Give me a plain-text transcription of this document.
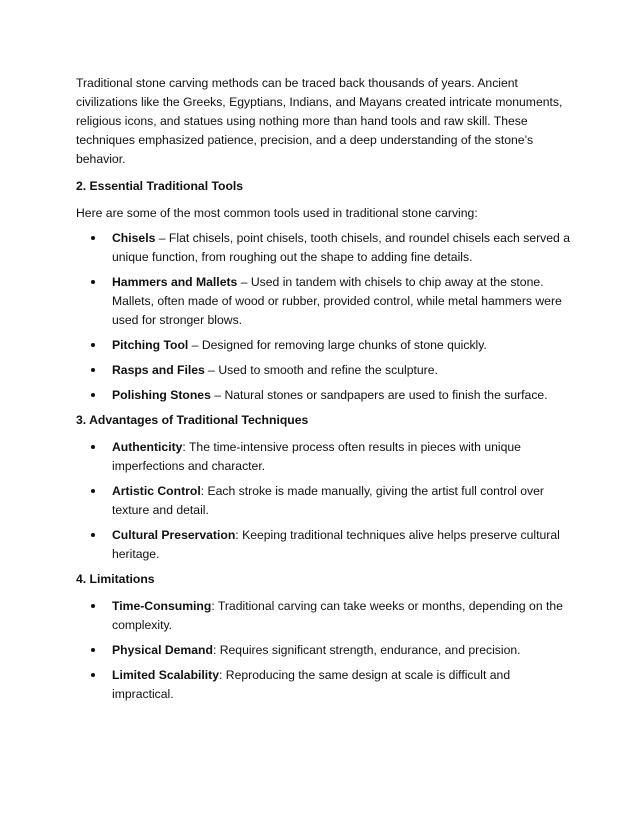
Traditional stone carving methods can be traced back thousands of years. Ancient civilizations like the Greeks, Egyptians, Indians, and Mayans created intricate monuments, religious icons, and statues using nothing more than hand tools and raw skill. These techniques emphasized patience, precision, and a deep understanding of the stone’s behavior.

2. Essential Traditional Tools

Here are some of the most common tools used in traditional stone carving:

Chisels – Flat chisels, point chisels, tooth chisels, and roundel chisels each served a unique function, from roughing out the shape to adding fine details.
Hammers and Mallets – Used in tandem with chisels to chip away at the stone. Mallets, often made of wood or rubber, provided control, while metal hammers were used for stronger blows.
Pitching Tool – Designed for removing large chunks of stone quickly.
Rasps and Files – Used to smooth and refine the sculpture.
Polishing Stones – Natural stones or sandpapers are used to finish the surface.
3. Advantages of Traditional Techniques
Authenticity: The time-intensive process often results in pieces with unique imperfections and character.
Artistic Control: Each stroke is made manually, giving the artist full control over texture and detail.
Cultural Preservation: Keeping traditional techniques alive helps preserve cultural heritage.
4. Limitations
Time-Consuming: Traditional carving can take weeks or months, depending on the complexity.
Physical Demand: Requires significant strength, endurance, and precision.
Limited Scalability: Reproducing the same design at scale is difficult and impractical.
